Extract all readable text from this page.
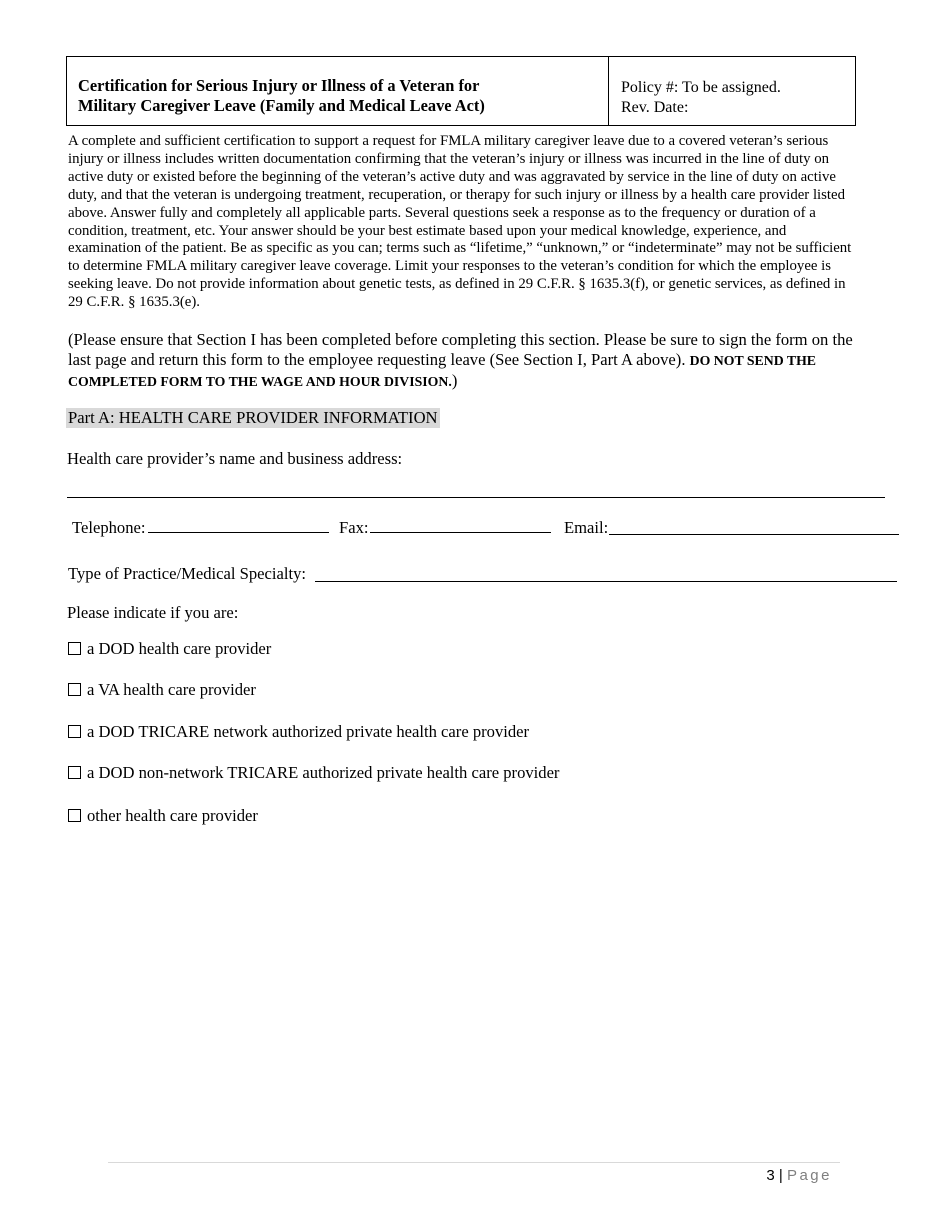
Certification for Serious Injury or Illness of a Veteran for
Military Caregiver Leave (Family and Medical Leave Act)
Policy #: To be assigned.
Rev. Date:
A complete and sufficient certification to support a request for FMLA military caregiver leave due to a covered veteran’s serious injury or illness includes written documentation confirming that the veteran’s injury or illness was incurred in the line of duty on active duty or existed before the beginning of the veteran’s active duty and was aggravated by service in the line of duty on active duty, and that the veteran is undergoing treatment, recuperation, or therapy for such injury or illness by a health care provider listed above. Answer fully and completely all applicable parts. Several questions seek a response as to the frequency or duration of a condition, treatment, etc. Your answer should be your best estimate based upon your medical knowledge, experience, and examination of the patient. Be as specific as you can; terms such as “lifetime,” “unknown,” or “indeterminate” may not be sufficient to determine FMLA military caregiver leave coverage. Limit your responses to the veteran’s condition for which the employee is seeking leave. Do not provide information about genetic tests, as defined in 29 C.F.R. § 1635.3(f), or genetic services, as defined in 29 C.F.R. § 1635.3(e).
(Please ensure that Section I has been completed before completing this section. Please be sure to sign the form on the last page and return this form to the employee requesting leave (See Section I, Part A above). DO NOT SEND THE COMPLETED FORM TO THE WAGE AND HOUR DIVISION.)
Part A: HEALTH CARE PROVIDER INFORMATION
Health care provider’s name and business address:
Telephone:	Fax:	Email:
Type of Practice/Medical Specialty:
Please indicate if you are:
a DOD health care provider
a VA health care provider
a DOD TRICARE network authorized private health care provider
a DOD non-network TRICARE authorized private health care provider
other health care provider
3 | Page
